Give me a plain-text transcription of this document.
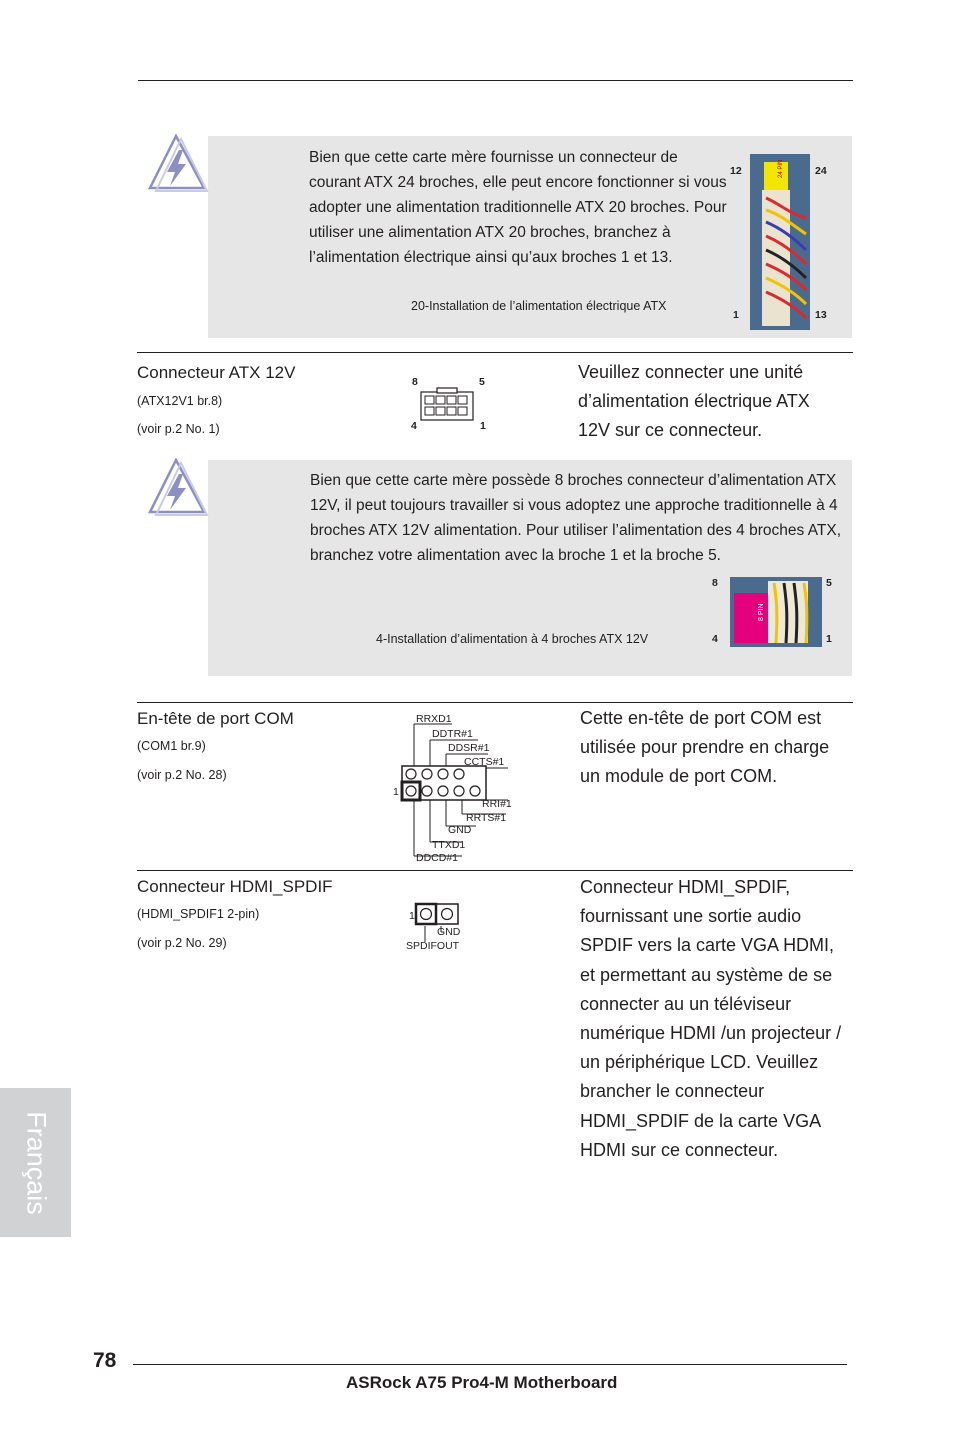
Bien que cette carte mère fournisse un connecteur de courant ATX 24 broches, elle peut encore fonctionner si vous adopter une alimentation traditionnelle ATX 20 broches. Pour utiliser une alimentation ATX 20 broches, branchez à l’alimentation électrique ainsi qu’aux broches 1 et 13.
20-Installation de l’alimentation électrique ATX
24 PIN
12	24
1	13
Connecteur ATX 12V
(ATX12V1 br.8)
(voir p.2 No. 1)
8	5
4	1
Veuillez connecter une unité d’alimentation électrique ATX 12V sur ce connecteur.
Bien que cette carte mère possède 8 broches connecteur d’alimentation ATX 12V, il peut toujours travailler si vous adoptez une approche traditionnelle à 4 broches ATX 12V alimentation. Pour utiliser l’alimentation des 4 broches ATX, branchez votre alimentation avec la broche 1 et la broche 5.
4-Installation d’alimentation à 4 broches ATX 12V
8 PIN
8	5
4	1
En-tête de port COM
(COM1 br.9)
(voir p.2 No. 28)
1
RRXD1
DDTR#1
DDSR#1
CCTS#1
RRI#1
RRTS#1
GND
TTXD1
DDCD#1
Cette en-tête de port COM est utilisée pour prendre en charge un module de port COM.
Connecteur HDMI_SPDIF
(HDMI_SPDIF1 2-pin)
(voir p.2 No. 29)
1
GND
SPDIFOUT
Connecteur HDMI_SPDIF, fournissant une sortie audio SPDIF vers la carte VGA HDMI, et permettant au système de se connecter au un téléviseur numérique HDMI /un projecteur / un périphérique LCD. Veuillez brancher le connecteur HDMI_SPDIF de la carte VGA HDMI sur ce connecteur.
Français
78
ASRock A75 Pro4-M Motherboard
